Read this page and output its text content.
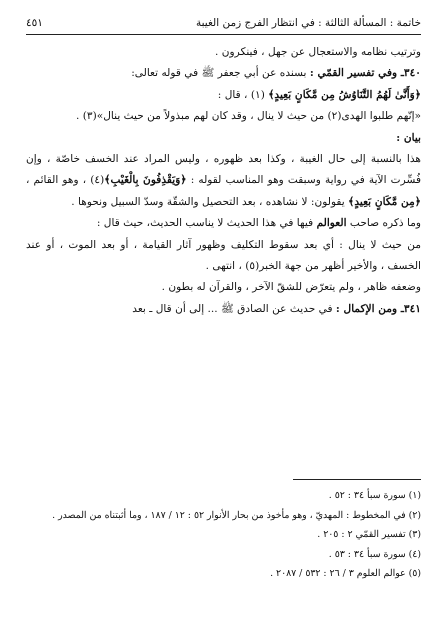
خاتمة : المسألة الثالثة : في انتظار الفرج زمن الغيبة
٤٥١

وترتيب نظامه والاستعجال عن جهل ، فينكرون .

٣٤٠ـ وفي تفسير القمّي : بسنده عن أبي جعفر ﷺ في قوله تعالى:

﴿وَأَنَّىٰ لَهُمُ التَّنَاوُشُ مِن مَّكَانٍ بَعِيدٍ﴾ (١) ، قال :

«إنّهم طلبوا الهدى(٢) من حيث لا ينال ، وقد كان لهم مبذولاً من حيث ينال»(٣) .

بيان :

هذا بالنسبة إلى حال الغيبة ، وكذا بعد ظهوره ، وليس المراد عند الخسف خاصّة ، وإن فُسِّرت الآية في رواية وسبقت وهو المناسب لقوله : ﴿وَيَقْذِفُونَ بِالْغَيْبِ﴾(٤) ، وهو القائم ، ﴿مِن مَّكَانٍ بَعِيدٍ﴾ يقولون: لا نشاهده ، بعد التحصيل والشقّة وسدّ السبيل ونحوها .

وما ذكره صاحب العوالم فيها في هذا الحديث لا يناسب الحديث، حيث قال :

من حيث لا ينال : أي بعد سقوط التكليف وظهور آثار القيامة ، أو بعد الموت ، أو عند الخسف ، والأخير أظهر من جهة الخبر(٥) ، انتهى .

وضعفه ظاهر ، ولم يتعرّض للشقّ الآخر ، والقرآن له بطون .

٣٤١ـ ومن الإكمال : في حديث عن الصادق ﷺ ... إلى أن قال ـ بعد

(١) سورة سبأ ٣٤ : ٥٢ .

(٢) في المخطوط : المهديّ ، وهو مأخوذ من بحار الأنوار ٥٢ : ١٢ / ١٨٧ ، وما أثبتناه من المصدر .

(٣) تفسير القمّي ٢ : ٢٠٥ .

(٤) سورة سبأ ٣٤ : ٥٣ .

(٥) عوالم العلوم ٣ / ٢٦ : ٥٣٢ / ٢٠٨٧ .
